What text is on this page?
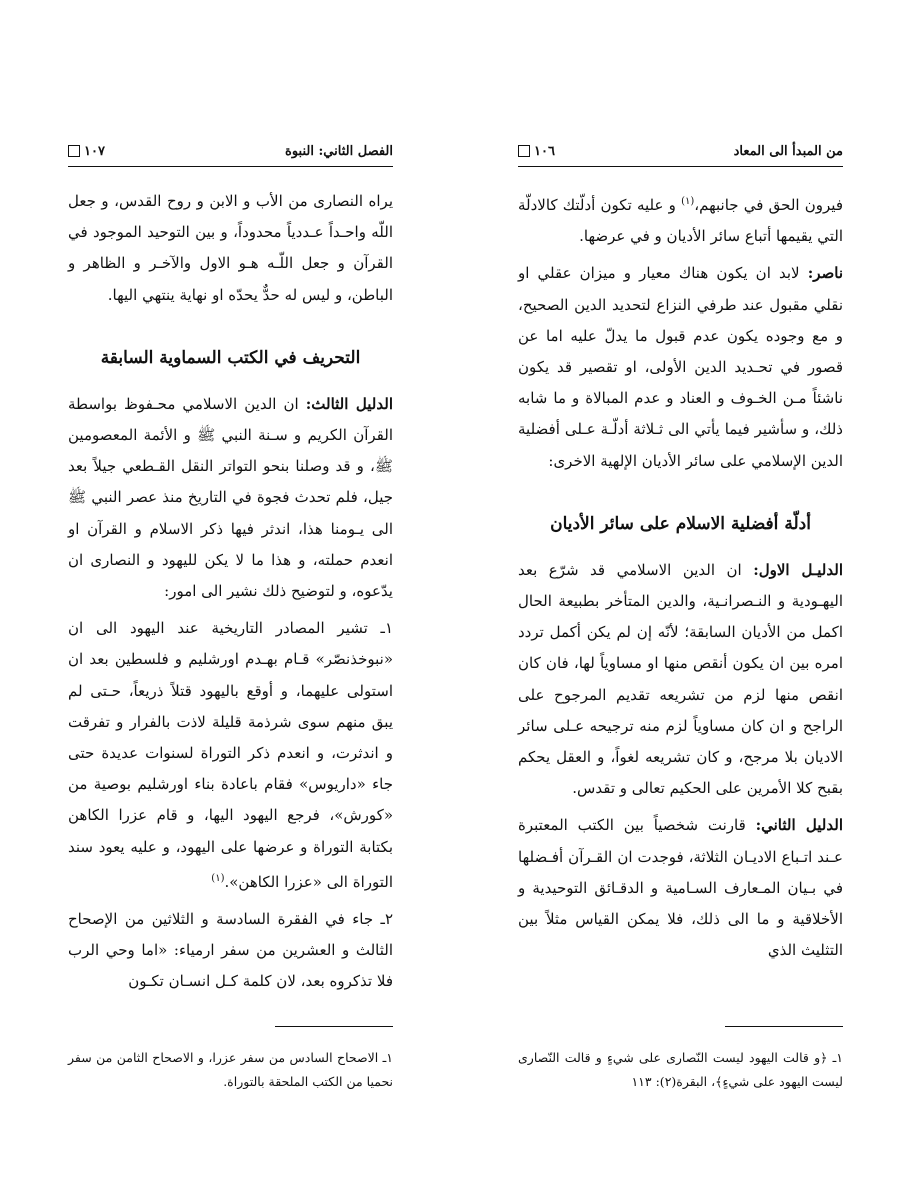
الفصل الثاني: النبوة
١٠٧

يراه النصارى من الأب و الابن و روح القدس، و جعل اللّه واحـداً عـددياً محدوداً، و بين التوحيد الموجود في القرآن و جعل اللّـه هـو الاول والآخـر و الظاهر و الباطن، و ليس له حدٌّ يحدّه او نهاية ينتهي اليها.

التحريف في الكتب السماوية السابقة

الدليل الثالث: ان الدين الاسلامي محـفوظ بواسطة القرآن الكريم و سـنة النبي ﷺ و الأئمة المعصومين ﷺ، و قد وصلنا بنحو التواتر النقل القـطعي جيلاً بعد جيل، فلم تحدث فجوة في التاريخ منذ عصر النبي ﷺ الى يـومنا هذا، اندثر فيها ذكر الاسلام و القرآن او انعدم حملته، و هذا ما لا يكن لليهود و النصارى ان يدّعوه، و لتوضيح ذلك نشير الى امور:

١ـ تشير المصادر التاريخية عند اليهود الى ان «نبوخذنصّر» قـام بهـدم اورشليم و فلسطين بعد ان استولى عليهما، و أوقع باليهود قتلاً ذريعاً، حـتى لم يبق منهم سوى شرذمة قليلة لاذت بالفرار و تفرقت و اندثرت، و انعدم ذكر التوراة لسنوات عديدة حتى جاء «داريوس» فقام باعادة بناء اورشليم بوصية من «كورش»، فرجع اليهود اليها، و قام عزرا الكاهن بكتابة التوراة و عرضها على اليهود، و عليه يعود سند التوراة الى «عزرا الكاهن».$^{(١)}$

٢ـ جاء في الفقرة السادسة و الثلاثين من الإصحاح الثالث و العشرين من سفر ارمياء: «اما وحي الرب فلا تذكروه بعد، لان كلمة كـل انسـان تكـون

١ـ الاصحاح السادس من سفر عزرا، و الاصحاح الثامن من سفر نحميا من الكتب الملحقة بالتوراة.
من المبدأ الى المعاد
١٠٦

فيرون الحق في جانبهم،$^{(١)}$ و عليه تكون أدلّتك كالادلّة التي يقيمها أتباع سائر الأديان و في عرضها.

ناصر: لابد ان يكون هناك معيار و ميزان عقلي او نقلي مقبول عند طرفي النزاع لتحديد الدين الصحيح، و مع وجوده يكون عدم قبول ما يدلّ عليه اما عن قصور في تحـديد الدين الأولى، او تقصير قد يكون ناشئاً مـن الخـوف و العناد و عدم المبالاة و ما شابه ذلك، و سأشير فيما يأتي الى ثـلاثة أدلّـة عـلى أفضلية الدين الإسلامي على سائر الأديان الإلهية الاخرى:

أدلّة أفضلية الاسلام على سائر الأديان

الدليـل الاول: ان الدين الاسلامي قد شرّع بعد اليهـودية و النـصرانـية، والدين المتأخر بطبيعة الحال اكمل من الأديان السابقة؛ لأنّه إن لم يكن أكمل تردد امره بين ان يكون أنقص منها او مساوياً لها، فان كان انقص منها لزم من تشريعه تقديم المرجوح على الراجح و ان كان مساوياً لزم منه ترجيحه عـلى سائر الاديان بلا مرجح، و كان تشريعه لغواً، و العقل يحكم بقبح كلا الأمرين على الحكيم تعالى و تقدس.

الدليل الثاني: قارنت شخصياً بين الكتب المعتبرة عـند اتـباع الاديـان الثلاثة، فوجدت ان القـرآن أفـضلها في بـيان المـعارف السـامية و الدقـائق التوحيدية و الأخلاقية و ما الى ذلك، فلا يمكن القياس مثلاً بين التثليث الذي

١ـ ﴿و قالت اليهود ليست النّصارى على شيءٍ و قالت النّصارى ليست اليهود على شيءٍ﴾، البقرة(٢): ١١٣
